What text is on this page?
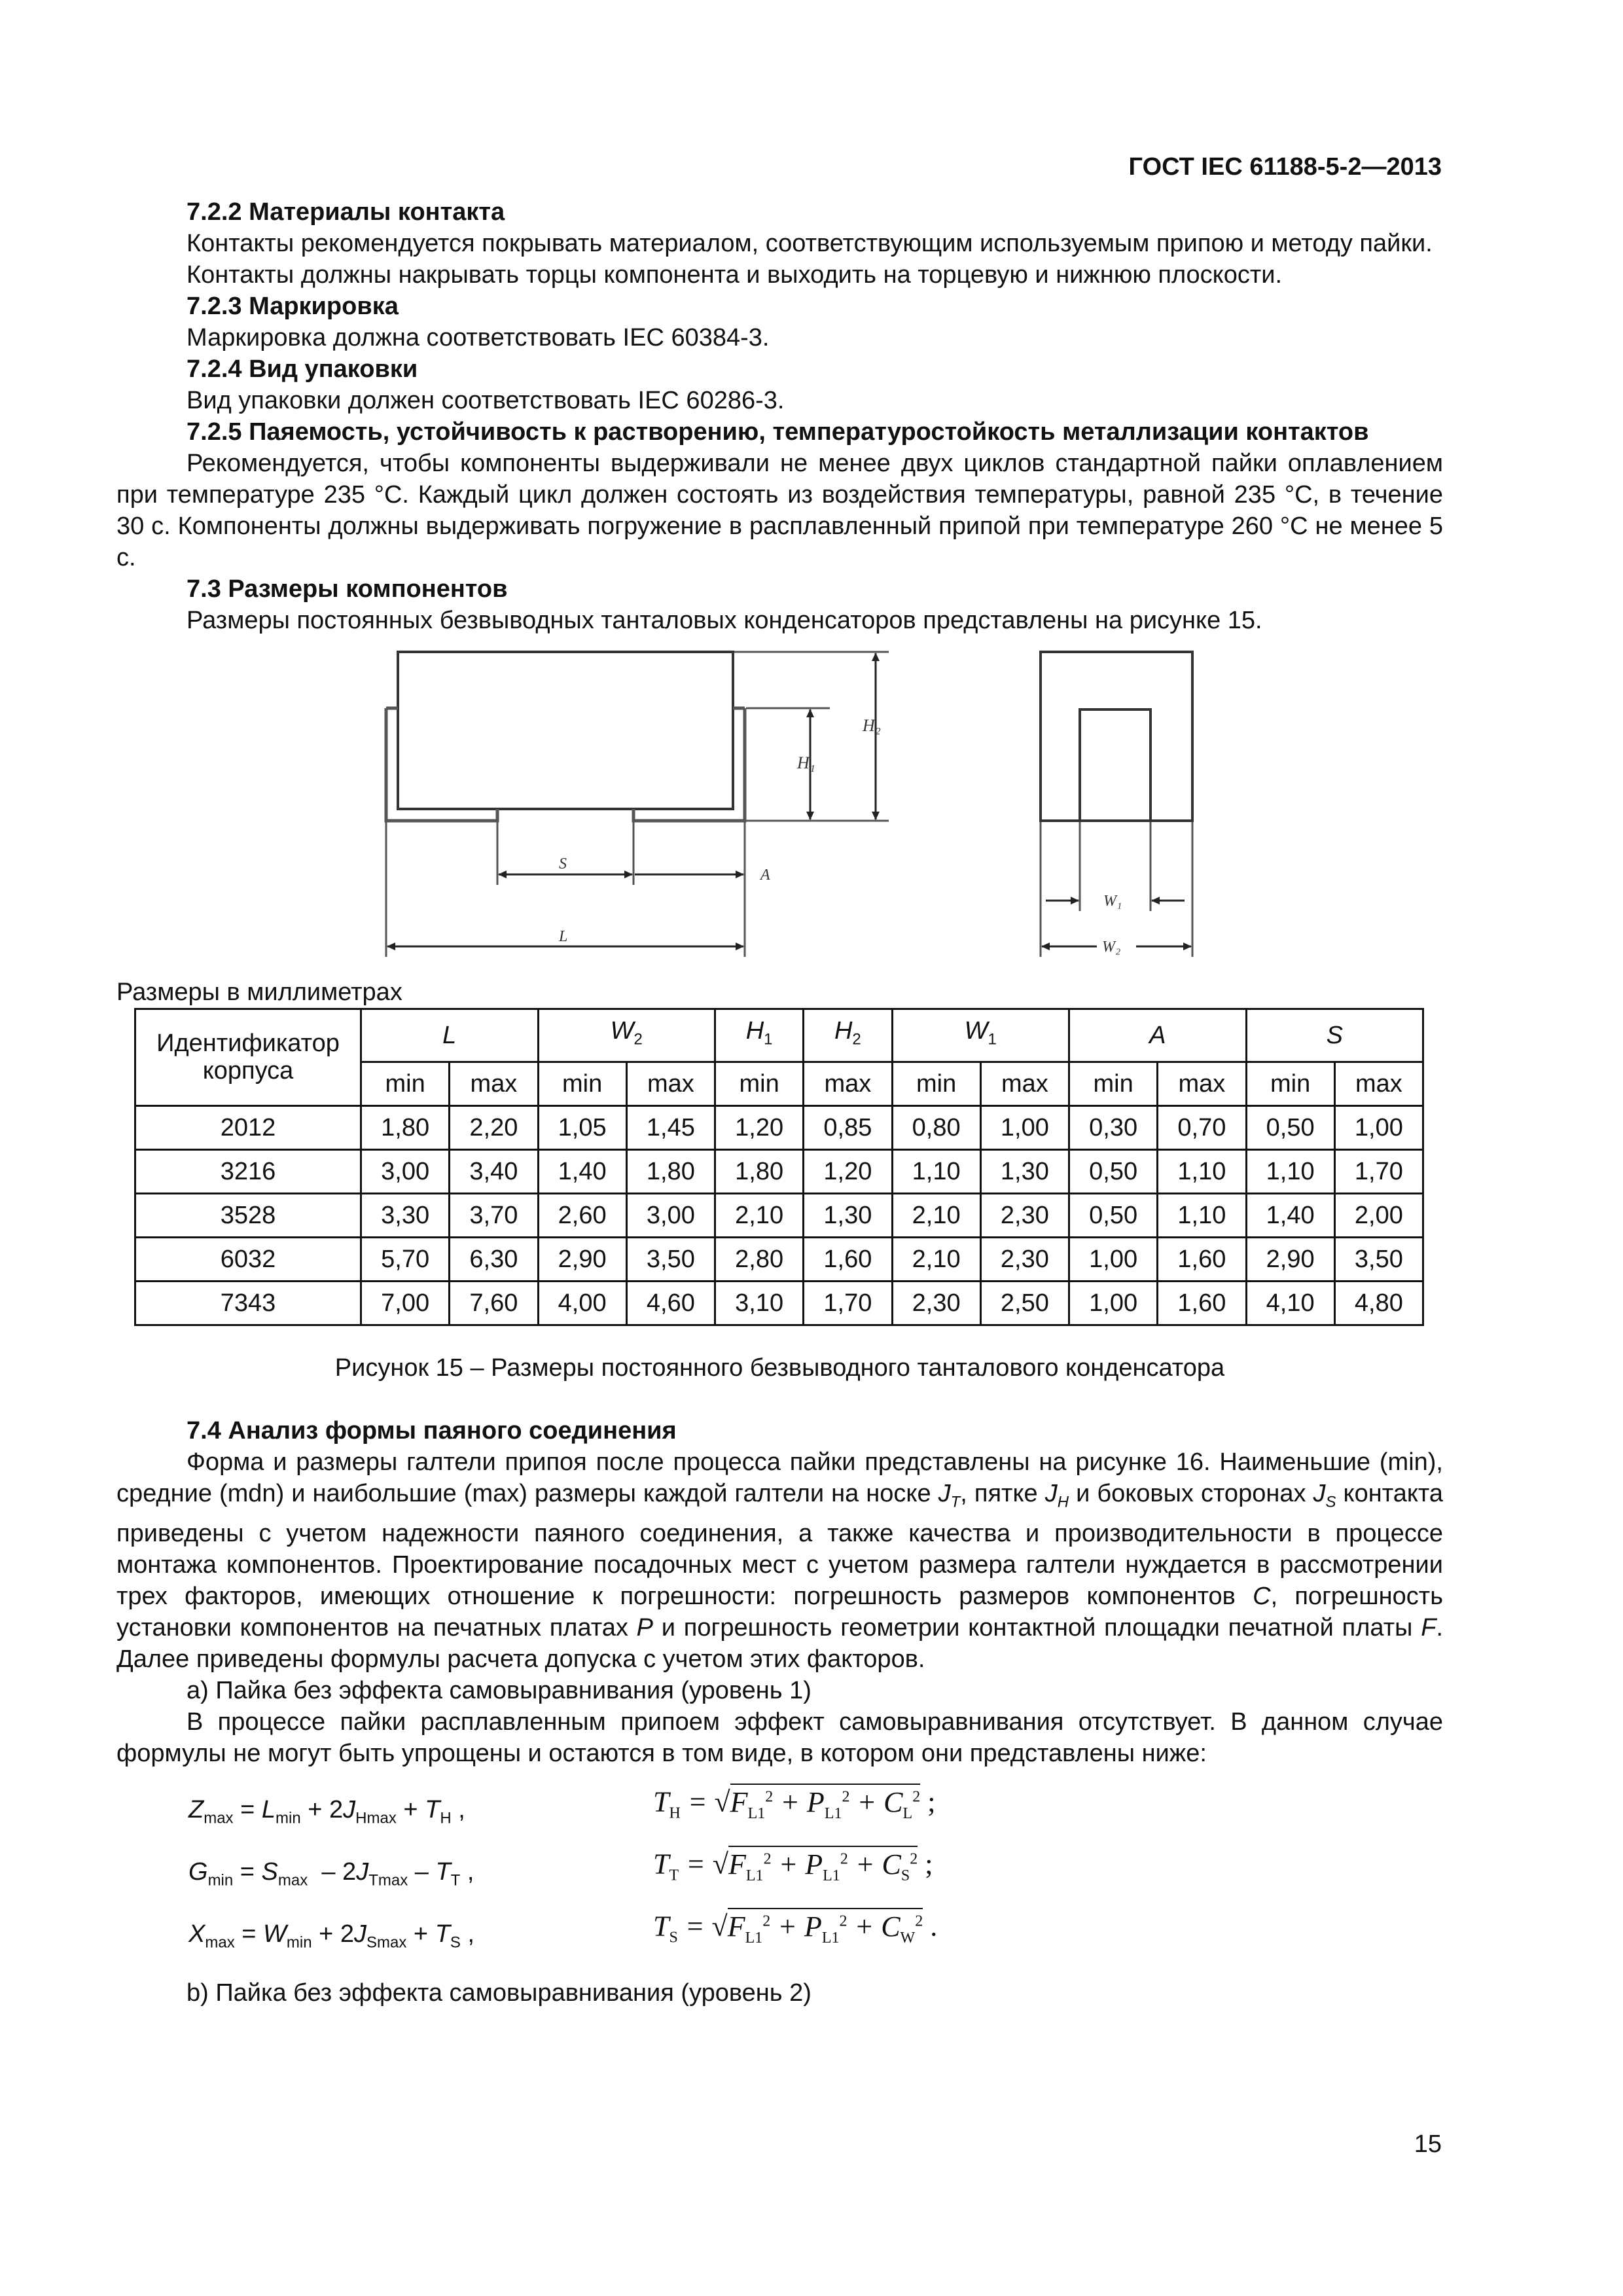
ГОСТ IEC 61188-5-2—2013
7.2.2 Материалы контакта

Контакты рекомендуется покрывать материалом, соответствующим используемым припою и методу пайки.

Контакты должны накрывать торцы компонента и выходить на торцевую и нижнюю плоскости.

7.2.3 Маркировка

Маркировка должна соответствовать IEC 60384-3.

7.2.4 Вид упаковки

Вид упаковки должен соответствовать IEC 60286-3.

7.2.5 Паяемость, устойчивость к растворению, температуростойкость металлизации контактов

Рекомендуется, чтобы компоненты выдерживали не менее двух циклов стандартной пайки оплавлением при температуре 235 °С. Каждый цикл должен состоять из воздействия температуры, равной 235 °С, в течение 30 с. Компоненты должны выдерживать погружение в расплавленный припой при температуре 260 °С не менее 5 с.

7.3 Размеры компонентов

Размеры постоянных безвыводных танталовых конденсаторов представлены на рисунке 15.

H₁
H₂
S
A
L
W₁
W₂

Размеры в миллиметрах

Идентификатор корпуса	L		$W_2$		$H_1$	$H_2$	$W_1$		A		S	
	min	max	min	max	min	max	min	max	min	max	min	max
2012	1,80	2,20	1,05	1,45	1,20	0,85	0,80	1,00	0,30	0,70	0,50	1,00
3216	3,00	3,40	1,40	1,80	1,80	1,20	1,10	1,30	0,50	1,10	1,10	1,70
3528	3,30	3,70	2,60	3,00	2,10	1,30	2,10	2,30	0,50	1,10	1,40	2,00
6032	5,70	6,30	2,90	3,50	2,80	1,60	2,10	2,30	1,00	1,60	2,90	3,50
7343	7,00	7,60	4,00	4,60	3,10	1,70	2,30	2,50	1,00	1,60	4,10	4,80
Рисунок 15 – Размеры постоянного безвыводного танталового конденсатора
7.4 Анализ формы паяного соединения

Форма и размеры галтели припоя после процесса пайки представлены на рисунке 16. Наименьшие (min), средние (mdn) и наибольшие (max) размеры каждой галтели на носке $J_T$, пятке $J_H$ и боковых сторонах $J_S$ контакта приведены с учетом надежности паяного соединения, а также качества и производительности в процессе монтажа компонентов. Проектирование посадочных мест с учетом размера галтели нуждается в рассмотрении трех факторов, имеющих отношение к погрешности: погрешность размеров компонентов C, погрешность установки компонентов на печатных платах P и погрешность геометрии контактной площадки печатной платы F. Далее приведены формулы расчета допуска с учетом этих факторов.

а) Пайка без эффекта самовыравнивания (уровень 1)

В процессе пайки расплавленным припоем эффект самовыравнивания отсутствует. В данном случае формулы не могут быть упрощены и остаются в том виде, в котором они представлены ниже:

$Z_{max} = L_{min} + 2J_{Hmax} + T_H$ ,	$T_H = √F_{L1}^2 + P_{L1}^2 + C_L^2$ ;
$G_{min} = S_{max} - 2J_{Tmax} - T_T$ ,	$T_T = √F_{L1}^2 + P_{L1}^2 + C_S^2$ ;
$X_{max} = W_{min} + 2J_{Smax} + T_S$ ,	$T_S = √F_{L1}^2 + P_{L1}^2 + C_W^2$ .

b) Пайка без эффекта самовыравнивания (уровень 2)

15
